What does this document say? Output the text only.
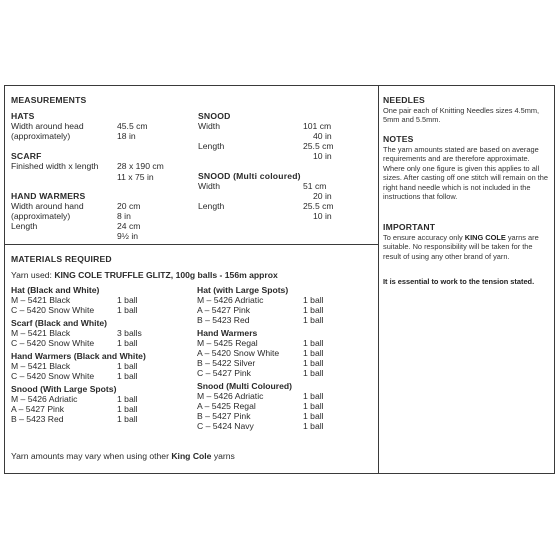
MEASUREMENTS
HATS
Width around head	45.5 cm
(approximately)	18 in
SCARF
Finished width x length 28 x 190 cm
11 x 75 in
HAND WARMERS
Width around hand	20 cm
(approximately)	8 in
Length	24 cm
9½ in
SNOOD
Width	101 cm
40 in
Length	25.5 cm
10 in
SNOOD (Multi coloured)
Width	51 cm
20 in
Length	25.5 cm
10 in
MATERIALS REQUIRED
Yarn used: KING COLE TRUFFLE GLITZ, 100g balls - 156m approx
Hat (Black and White)
M – 5421 Black	1 ball
C – 5420 Snow White	1 ball
Scarf (Black and White)
M – 5421 Black	3 balls
C – 5420 Snow White	1 ball
Hand Warmers (Black and White)
M – 5421 Black	1 ball
C – 5420 Snow White	1 ball
Snood (With Large Spots)
M – 5426 Adriatic	1 ball
A – 5427 Pink	1 ball
B – 5423 Red	1 ball
Hat (with Large Spots)
M – 5426 Adriatic	1 ball
A – 5427 Pink	1 ball
B – 5423 Red	1 ball
Hand Warmers
M – 5425 Regal	1 ball
A – 5420 Snow White	1 ball
B – 5422 Silver	1 ball
C – 5427 Pink	1 ball
Snood (Multi Coloured)
M – 5426 Adriatic	1 ball
A – 5425 Regal	1 ball
B – 5427 Pink	1 ball
C – 5424 Navy	1 ball
Yarn amounts may vary when using other King Cole yarns
NEEDLES
One pair each of Knitting Needles sizes 4.5mm, 5mm and 5.5mm.
NOTES
The yarn amounts stated are based on average requirements and are therefore approximate. Where only one figure is given this applies to all sizes. After casting off one stitch will remain on the right hand needle which is not included in the instructions that follow.
IMPORTANT
To ensure accuracy only KING COLE yarns are suitable. No responsibility will be taken for the result of using any other brand of yarn.
It is essential to work to the tension stated.
